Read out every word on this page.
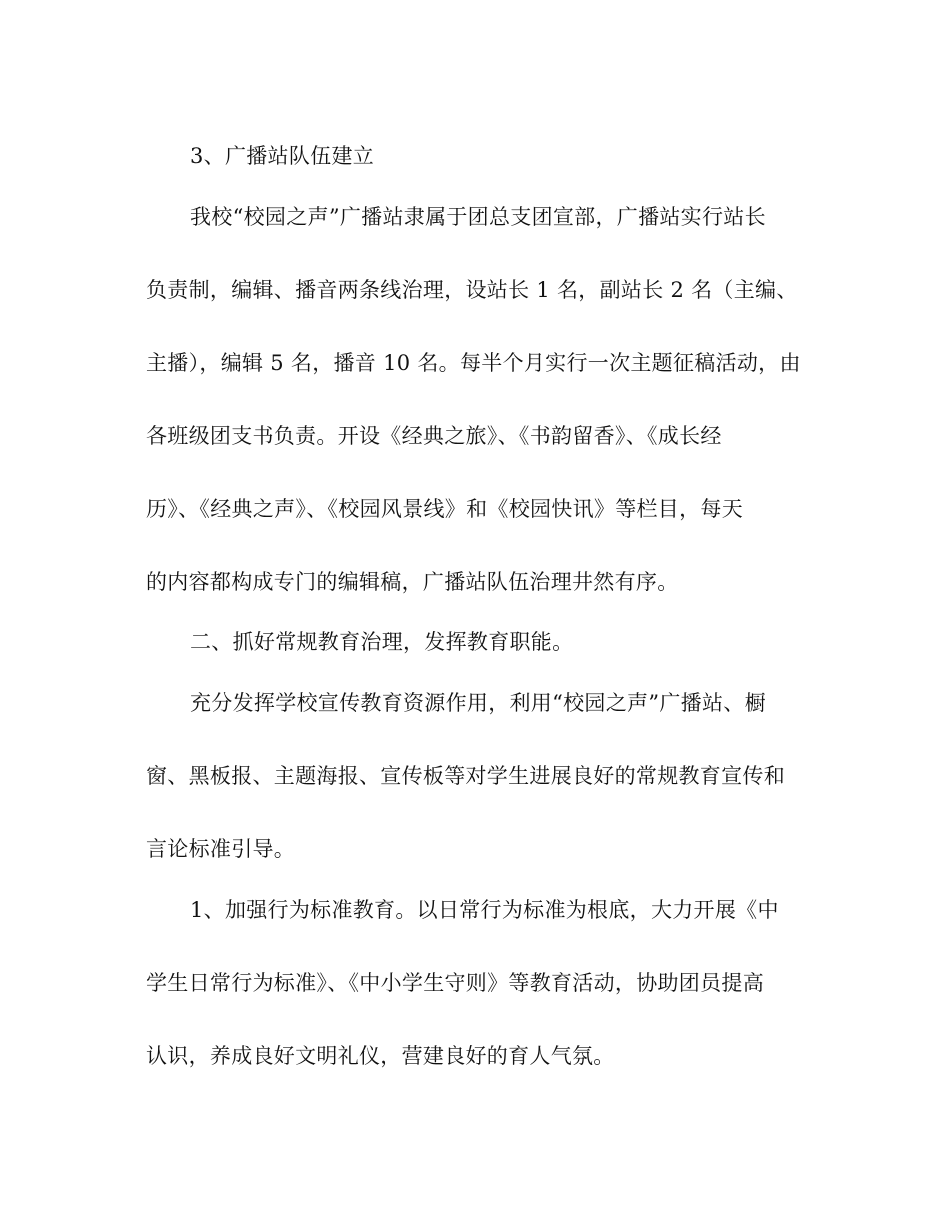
3、广播站队伍建立
我校“校园之声”广播站隶属于团总支团宣部，广播站实行站长
负责制，编辑、播音两条线治理，设站长 1 名，副站长 2 名（主编、
主播），编辑 5 名，播音 10 名。每半个月实行一次主题征稿活动，由
各班级团支书负责。开设《经典之旅》、《书韵留香》、《成长经
历》、《经典之声》、《校园风景线》和《校园快讯》等栏目，每天
的内容都构成专门的编辑稿，广播站队伍治理井然有序。
二、抓好常规教育治理，发挥教育职能。
充分发挥学校宣传教育资源作用，利用“校园之声”广播站、橱
窗、黑板报、主题海报、宣传板等对学生进展良好的常规教育宣传和
言论标准引导。
1、加强行为标准教育。以日常行为标准为根底，大力开展《中
学生日常行为标准》、《中小学生守则》等教育活动，协助团员提高
认识，养成良好文明礼仪，营建良好的育人气氛。
